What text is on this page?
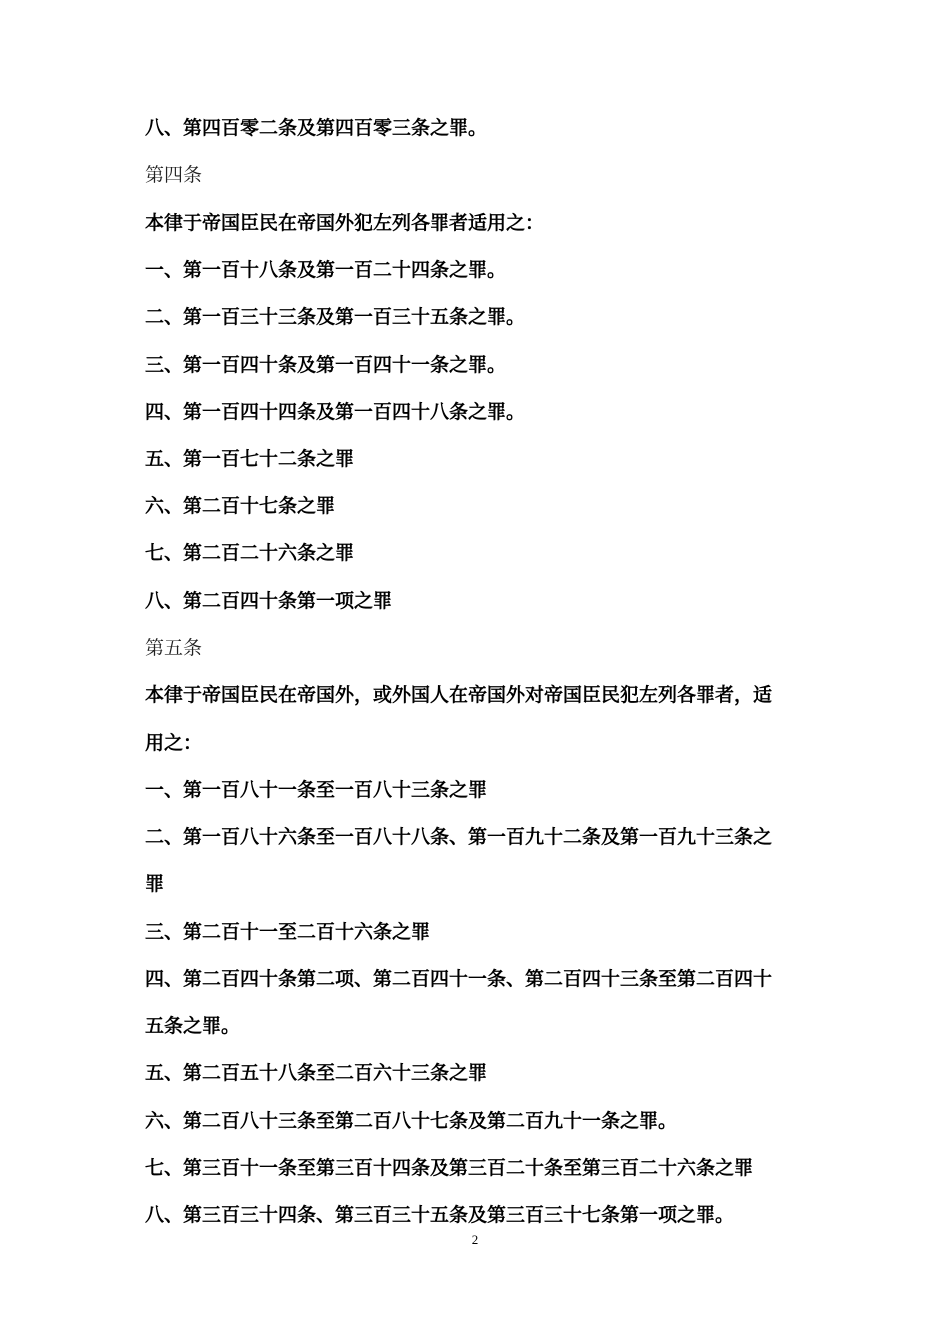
八、第四百零二条及第四百零三条之罪。
第四条
本律于帝国臣民在帝国外犯左列各罪者适用之：
一、第一百十八条及第一百二十四条之罪。
二、第一百三十三条及第一百三十五条之罪。
三、第一百四十条及第一百四十一条之罪。
四、第一百四十四条及第一百四十八条之罪。
五、第一百七十二条之罪
六、第二百十七条之罪
七、第二百二十六条之罪
八、第二百四十条第一项之罪
第五条
本律于帝国臣民在帝国外，或外国人在帝国外对帝国臣民犯左列各罪者，适
用之：
一、第一百八十一条至一百八十三条之罪
二、第一百八十六条至一百八十八条、第一百九十二条及第一百九十三条之
罪
三、第二百十一至二百十六条之罪
四、第二百四十条第二项、第二百四十一条、第二百四十三条至第二百四十
五条之罪。
五、第二百五十八条至二百六十三条之罪
六、第二百八十三条至第二百八十七条及第二百九十一条之罪。
七、第三百十一条至第三百十四条及第三百二十条至第三百二十六条之罪
八、第三百三十四条、第三百三十五条及第三百三十七条第一项之罪。
2
